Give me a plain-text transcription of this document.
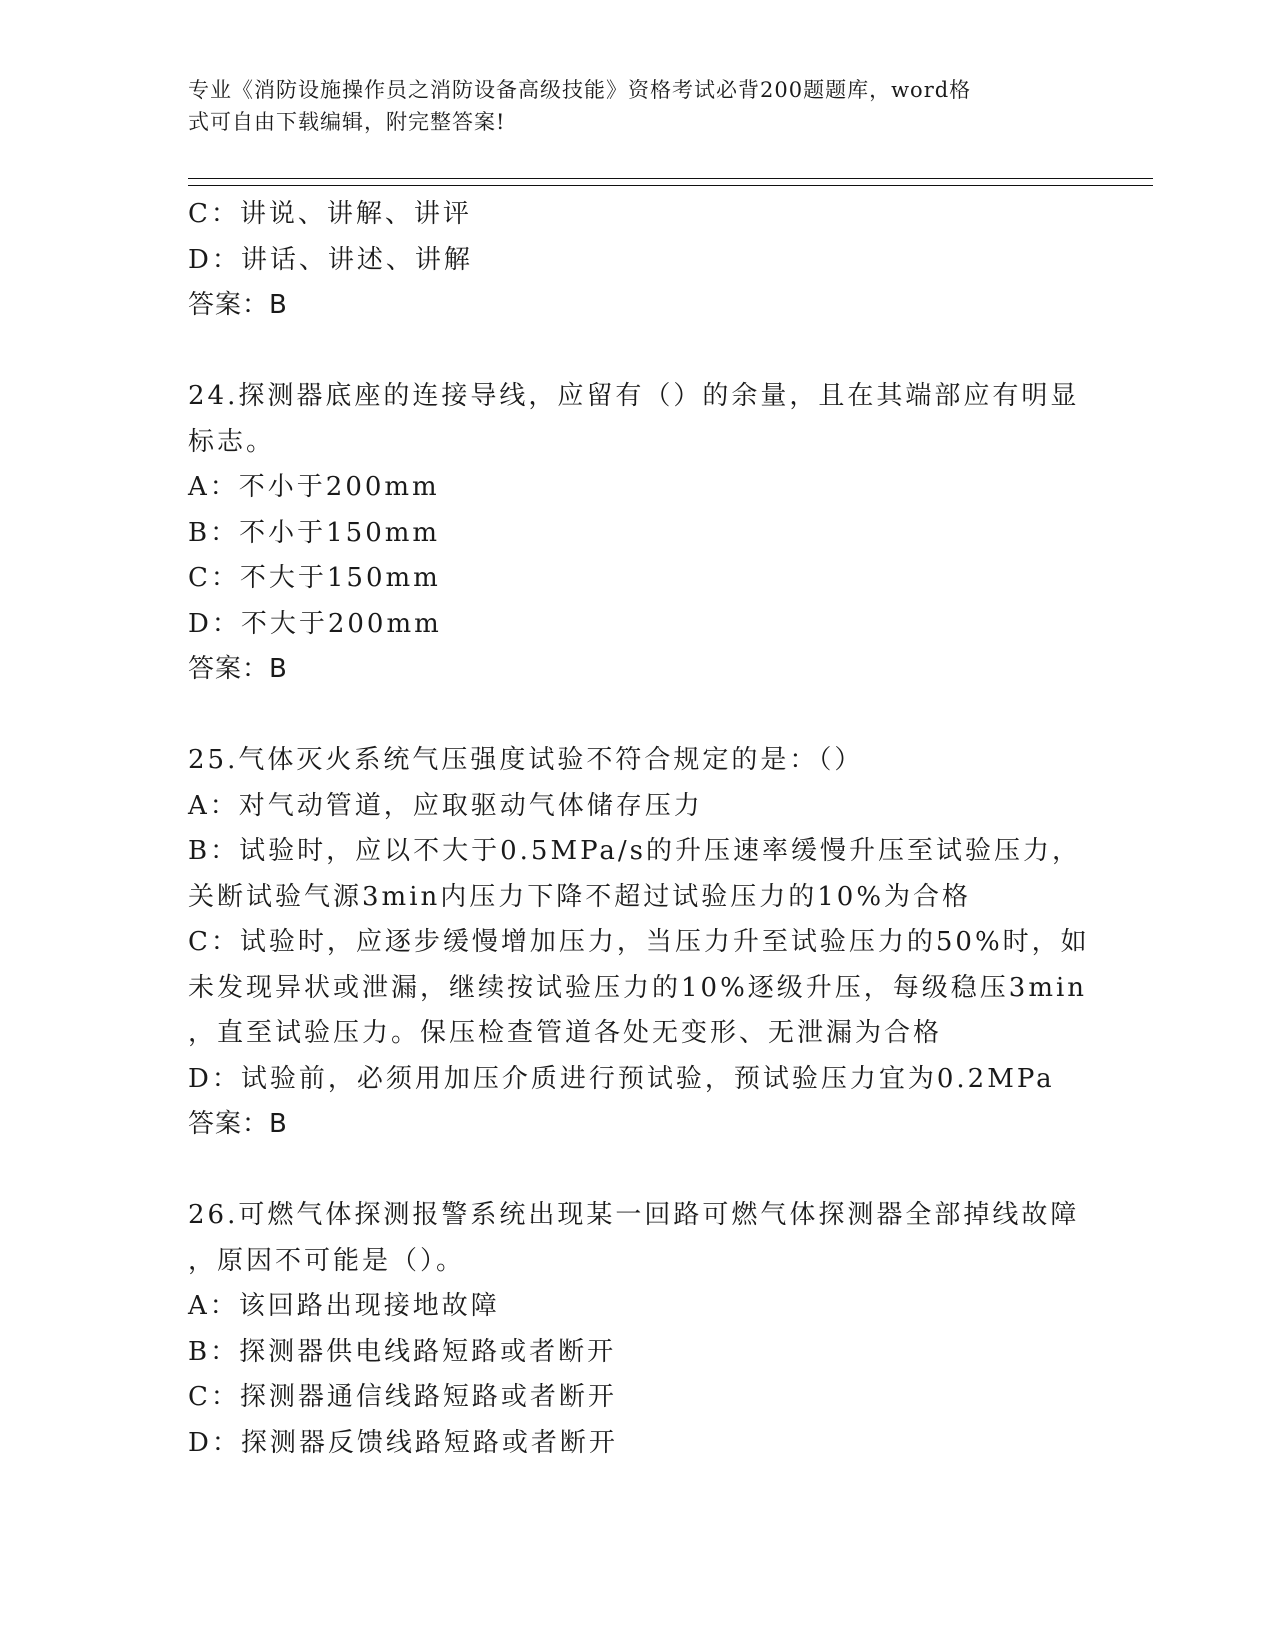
专业《消防设施操作员之消防设备高级技能》资格考试必背200题题库，word格
式可自由下载编辑，附完整答案!
C：讲说、讲解、讲评
D：讲话、讲述、讲解
答案：B
24.探测器底座的连接导线，应留有（）的余量，且在其端部应有明显
标志。
A：不小于200mm
B：不小于150mm
C：不大于150mm
D：不大于200mm
答案：B
25.气体灭火系统气压强度试验不符合规定的是：（）
A：对气动管道，应取驱动气体储存压力
B：试验时，应以不大于0.5MPa/s的升压速率缓慢升压至试验压力，
关断试验气源3min内压力下降不超过试验压力的10%为合格
C：试验时，应逐步缓慢增加压力，当压力升至试验压力的50%时，如
未发现异状或泄漏，继续按试验压力的10%逐级升压，每级稳压3min
，直至试验压力。保压检查管道各处无变形、无泄漏为合格
D：试验前，必须用加压介质进行预试验，预试验压力宜为0.2MPa
答案：B
26.可燃气体探测报警系统出现某一回路可燃气体探测器全部掉线故障
，原因不可能是（）。
A：该回路出现接地故障
B：探测器供电线路短路或者断开
C：探测器通信线路短路或者断开
D：探测器反馈线路短路或者断开
